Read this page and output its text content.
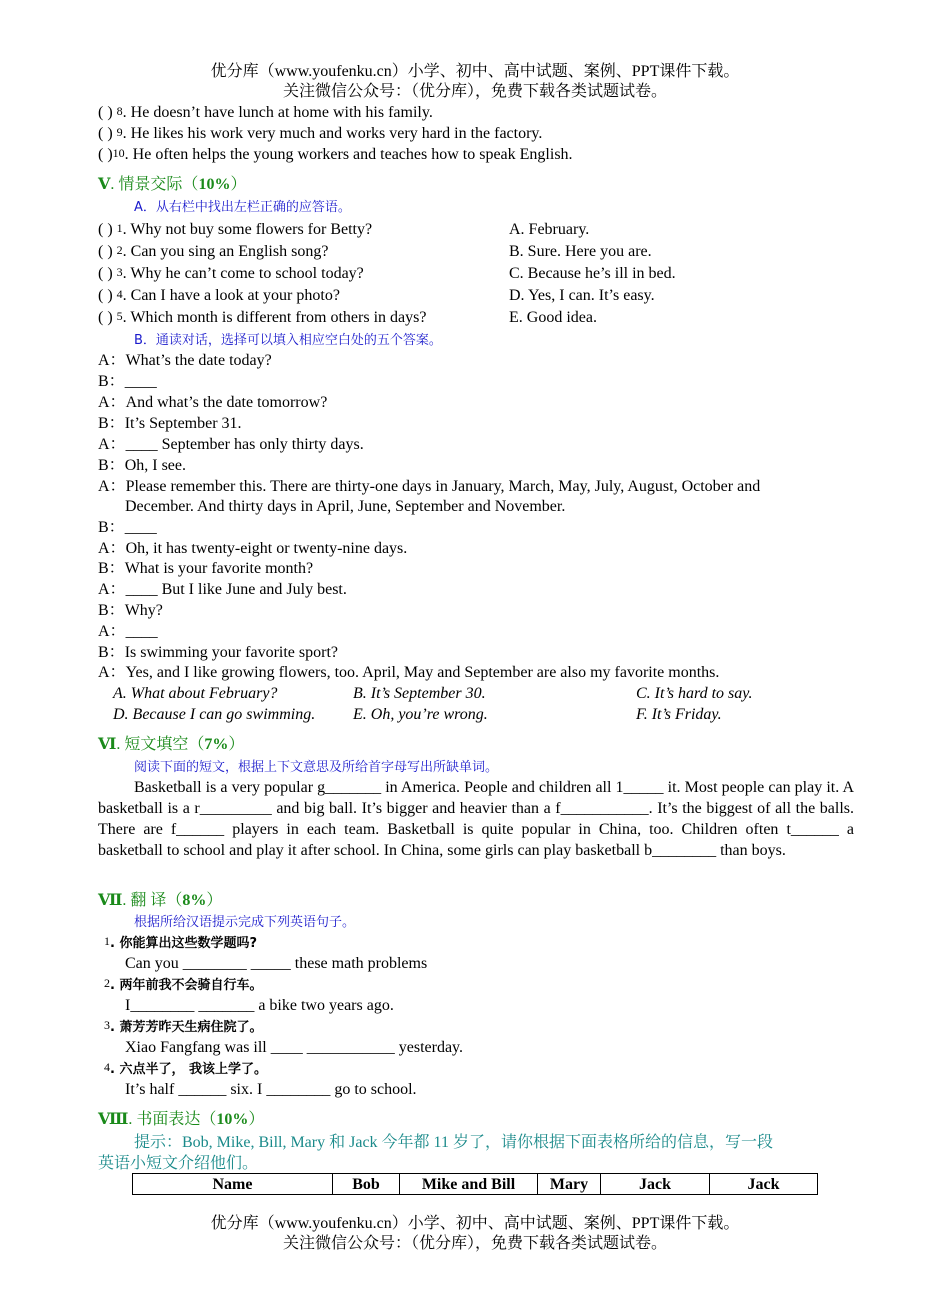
优分库（www.youfenku.cn）小学、初中、高中试题、案例、PPT课件下载。
关注微信公众号：（优分库），免费下载各类试题试卷。
( ) $^8$. He doesn’t have lunch at home with his family.
( ) $^9$. He likes his work very much and works very hard in the factory.
( )$^{10}$. He often helps the young workers and teaches how to speak English.
Ⅴ. 情景交际（10%）
A．从右栏中找出左栏正确的应答语。
( ) $^1$. Why not buy some flowers for Betty?	A. February.
( ) $^2$. Can you sing an English song?	B. Sure. Here you are.
( ) $^3$. Why he can’t come to school today?	C. Because he’s ill in bed.
( ) $^4$. Can I have a look at your photo?	D. Yes, I can. It’s easy.
( ) $^5$. Which month is different from others in days?	E. Good idea.
B．通读对话，选择可以填入相应空白处的五个答案。
A：What’s the date today?
B：____
A：And what’s the date tomorrow?
B：It’s September 31.
A：____ September has only thirty days.
B：Oh, I see.
A：Please remember this. There are thirty-one days in January, March, May, July, August, October and
December. And thirty days in April, June, September and November.
B：____
A：Oh, it has twenty-eight or twenty-nine days.
B：What is your favorite month?
A：____ But I like June and July best.
B：Why?
A：____
B：Is swimming your favorite sport?
A：Yes, and I like growing flowers, too. April, May and September are also my favorite months.
A. What about February?	B. It’s September 30.	C. It’s hard to say.
D. Because I can go swimming. E. Oh, you’re wrong.	F. It’s Friday.
Ⅵ. 短文填空（7%）
阅读下面的短文，根据上下文意思及所给首字母写出所缺单词。
Basketball is a very popular g_______ in America. People and children all 1_____ it. Most people can play it. A basketball is a r_________ and big ball. It’s bigger and heavier than a f___________. It’s the biggest of all the balls. There are f______ players in each team. Basketball is quite popular in China, too. Children often t______ a basketball to school and play it after school. In China, some girls can play basketball b________ than boys.
Ⅶ. 翻 译（8%）
根据所给汉语提示完成下列英语句子。
$^1$. 你能算出这些数学题吗?
Can you ________ _____ these math problems
$^2$. 两年前我不会骑自行车。
I________ _______ a bike two years ago.
$^3$. 萧芳芳昨天生病住院了。
Xiao Fangfang was ill ____ ___________ yesterday.
$^4$. 六点半了， 我该上学了。
It’s half ______ six. I ________ go to school.
Ⅷ. 书面表达（10%）
提示：Bob, Mike, Bill, Mary 和 Jack 今年都 11 岁了，请你根据下面表格所给的信息，写一段
英语小短文介绍他们。
Name	Bob	Mike and Bill	Mary	Jack	Jack
优分库（www.youfenku.cn）小学、初中、高中试题、案例、PPT课件下载。
关注微信公众号：（优分库），免费下载各类试题试卷。
